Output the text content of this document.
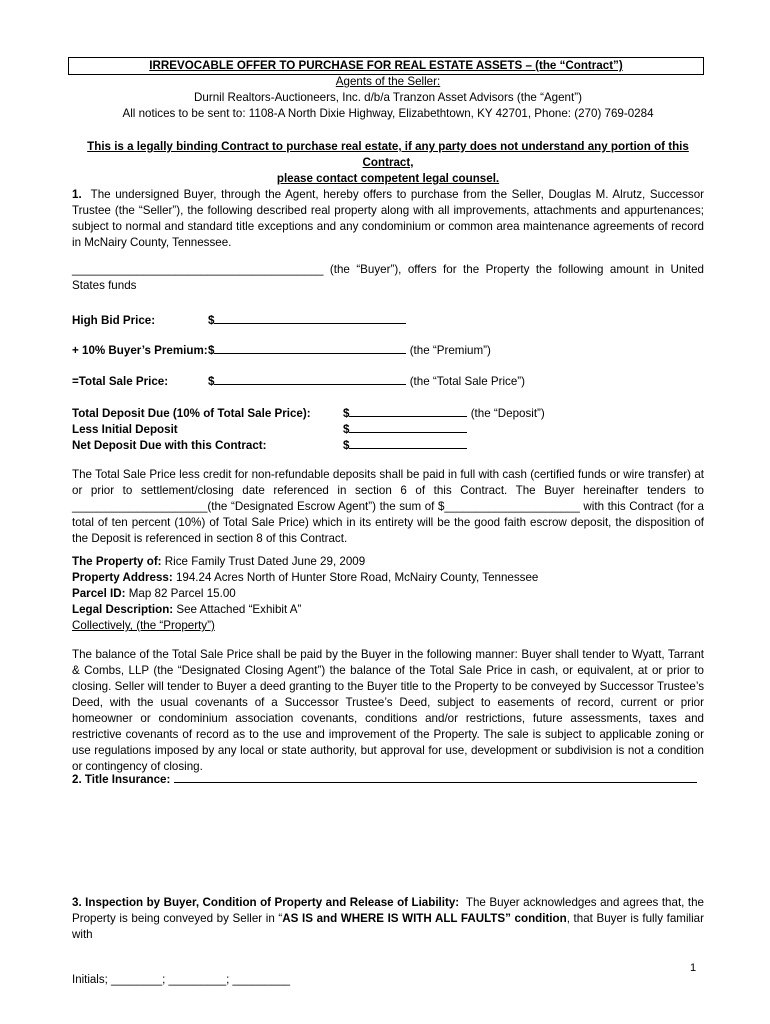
IRREVOCABLE OFFER TO PURCHASE FOR REAL ESTATE ASSETS – (the “Contract”)
Agents of the Seller:
Durnil Realtors-Auctioneers, Inc. d/b/a Tranzon Asset Advisors (the “Agent”)
All notices to be sent to: 1108-A North Dixie Highway, Elizabethtown, KY 42701, Phone: (270) 769-0284
This is a legally binding Contract to purchase real estate, if any party does not understand any portion of this Contract,
please contact competent legal counsel.
1. The undersigned Buyer, through the Agent, hereby offers to purchase from the Seller, Douglas M. Alrutz, Successor Trustee (the “Seller”), the following described real property along with all improvements, attachments and appurtenances; subject to normal and standard title exceptions and any condominium or common area maintenance agreements of record in McNairy County, Tennessee.
_______________________________________ (the “Buyer”), offers for the Property the following amount in United States funds
High Bid Price:	$
+ 10% Buyer’s Premium:$	(the “Premium”)
=Total Sale Price:	$	(the “Total Sale Price”)
Total Deposit Due (10% of Total Sale Price):	$	(the “Deposit”)
Less Initial Deposit	$
Net Deposit Due with this Contract:	$
The Total Sale Price less credit for non-refundable deposits shall be paid in full with cash (certified funds or wire transfer) at or prior to settlement/closing date referenced in section 6 of this Contract. The Buyer hereinafter tenders to _____________________(the “Designated Escrow Agent”) the sum of $_____________________ with this Contract (for a total of ten percent (10%) of Total Sale Price) which in its entirety will be the good faith escrow deposit, the disposition of the Deposit is referenced in section 8 of this Contract.
The Property of: Rice Family Trust Dated June 29, 2009
Property Address: 194.24 Acres North of Hunter Store Road, McNairy County, Tennessee
Parcel ID: Map 82 Parcel 15.00
Legal Description: See Attached “Exhibit A”
Collectively, (the “Property”)
The balance of the Total Sale Price shall be paid by the Buyer in the following manner: Buyer shall tender to Wyatt, Tarrant & Combs, LLP (the “Designated Closing Agent”) the balance of the Total Sale Price in cash, or equivalent, at or prior to closing. Seller will tender to Buyer a deed granting to the Buyer title to the Property to be conveyed by Successor Trustee’s Deed, with the usual covenants of a Successor Trustee’s Deed, subject to easements of record, current or prior homeowner or condominium association covenants, conditions and/or restrictions, future assessments, taxes and restrictive covenants of record as to the use and improvement of the Property. The sale is subject to applicable zoning or use regulations imposed by any local or state authority, but approval for use, development or subdivision is not a condition or contingency of closing.
2. Title Insurance:
3. Inspection by Buyer, Condition of Property and Release of Liability: The Buyer acknowledges and agrees that, the Property is being conveyed by Seller in “AS IS and WHERE IS WITH ALL FAULTS” condition, that Buyer is fully familiar with
1
Initials; ________; _________; _________
